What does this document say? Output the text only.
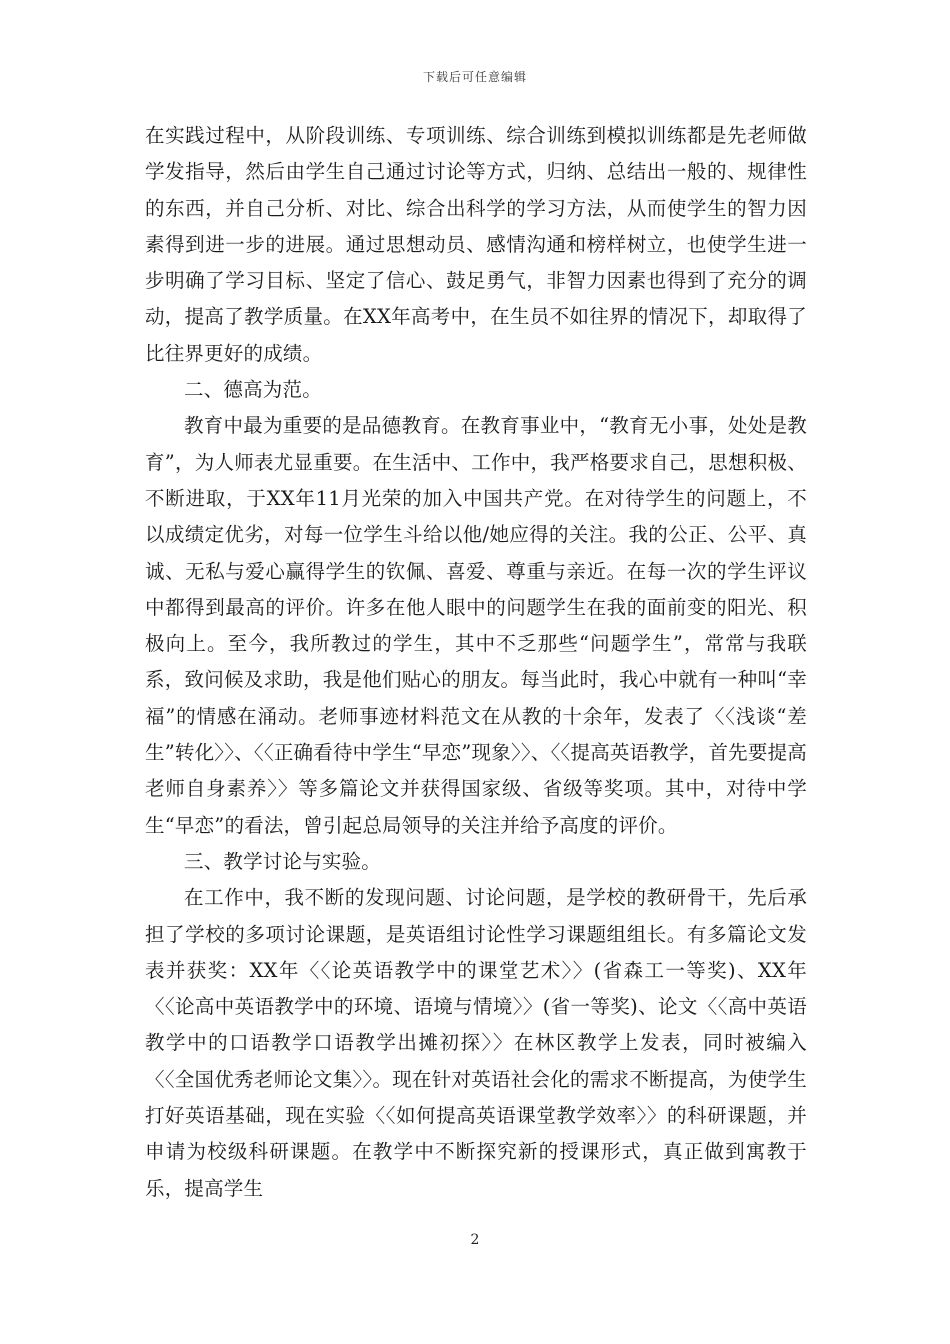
下载后可任意编辑

在实践过程中，从阶段训练、专项训练、综合训练到模拟训练都是先老师做学发指导，然后由学生自己通过讨论等方式，归纳、总结出一般的、规律性的东西，并自己分析、对比、综合出科学的学习方法，从而使学生的智力因素得到进一步的进展。通过思想动员、感情沟通和榜样树立，也使学生进一步明确了学习目标、坚定了信心、鼓足勇气，非智力因素也得到了充分的调动，提高了教学质量。在XX年高考中，在生员不如往界的情况下，却取得了比往界更好的成绩。

二、德高为范。

教育中最为重要的是品德教育。在教育事业中，“教育无小事，处处是教育”，为人师表尤显重要。在生活中、工作中，我严格要求自己，思想积极、不断进取，于XX年11月光荣的加入中国共产党。在对待学生的问题上，不以成绩定优劣，对每一位学生斗给以他/她应得的关注。我的公正、公平、真诚、无私与爱心赢得学生的钦佩、喜爱、尊重与亲近。在每一次的学生评议中都得到最高的评价。许多在他人眼中的问题学生在我的面前变的阳光、积极向上。至今，我所教过的学生，其中不乏那些“问题学生”，常常与我联系，致问候及求助，我是他们贴心的朋友。每当此时，我心中就有一种叫“幸福”的情感在涌动。老师事迹材料范文在从教的十余年，发表了〈〈浅谈“差生”转化〉〉、〈〈正确看待中学生“早恋”现象〉〉、〈〈提高英语教学，首先要提高老师自身素养〉〉等多篇论文并获得国家级、省级等奖项。其中，对待中学生“早恋”的看法，曾引起总局领导的关注并给予高度的评价。

三、教学讨论与实验。

在工作中，我不断的发现问题、讨论问题，是学校的教研骨干，先后承担了学校的多项讨论课题，是英语组讨论性学习课题组组长。有多篇论文发表并获奖：XX年〈〈论英语教学中的课堂艺术〉〉(省森工一等奖)、XX年〈〈论高中英语教学中的环境、语境与情境〉〉(省一等奖)、论文〈〈高中英语教学中的口语教学口语教学出摊初探〉〉在林区教学上发表，同时被编入〈〈全国优秀老师论文集〉〉。现在针对英语社会化的需求不断提高，为使学生打好英语基础，现在实验〈〈如何提高英语课堂教学效率〉〉的科研课题，并申请为校级科研课题。在教学中不断探究新的授课形式，真正做到寓教于乐，提高学生

2
